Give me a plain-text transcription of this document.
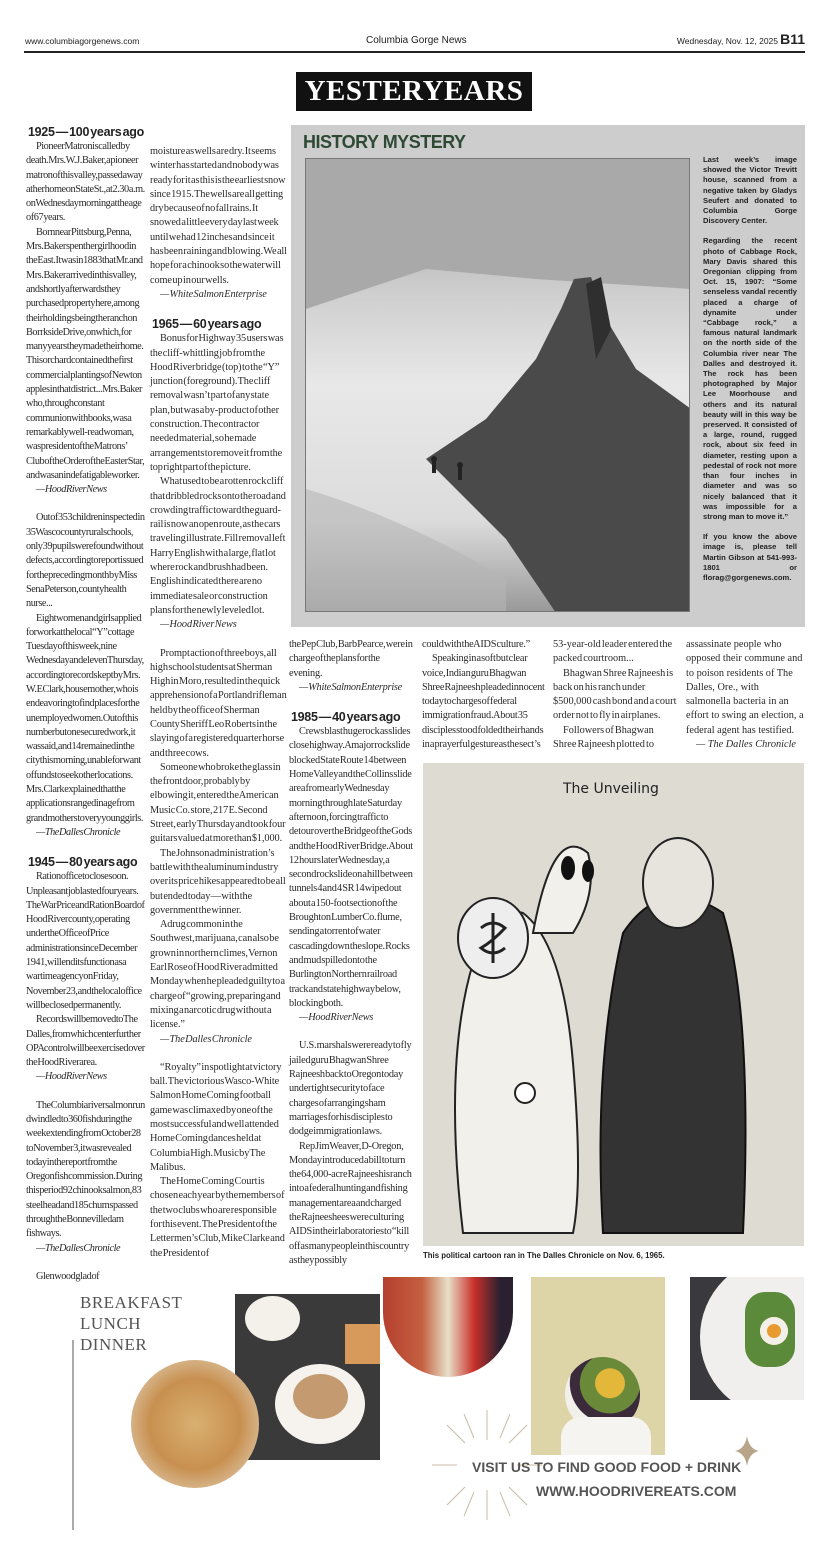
www.columbiagorgenews.com	Columbia Gorge News	Wednesday, Nov. 12, 2025 B11
YESTERYEARS
1925 — 100 years ago

Pioneer Matron is called by death. Mrs. W. J. Baker, a pioneer matron of this valley, passed away at her home on State St., at 2.30 a.m. on Wednesday morning at the age of 67 years.

Born near Pittsburg, Penna, Mrs. Baker spent her girlhood in the East. It was in 1883 that Mr. and Mrs. Baker arrived in this valley, and shortly afterwards they purchased property here, among their holdings being the ranch on Borrkside Drive, on which, for many years they made their home. This orchard contained the first commercial plantings of Newton apples in that district...Mrs. Baker who, through constant communion with books, was a remarkably well-read woman, was president of the Matrons’ Club of the Order of the Easter Star, and was an indefatigable worker.

— Hood River News

Out of 353 children inspected in 35 Wasco county rural schools, only 39 pupils were found without defects, according to report issued for the preceding month b y Miss Sena Peterson, county health nurse...

Eight women and girls applied for work at the local “Y” cottage Tuesday of this week, nine Wednesday and eleven Thursday, according to records kept by Mrs. W. E Clark, house mother, who is endeavoring to find places for the unemployed women. Out of this number but one secured work, it was said, and 14 remained in the city this morning, unable for want of funds to seek other locations. Mrs. Clark explained that the applications ranged in age from grandmothers to very young girls.

— The Dalles Chronicle
1945 — 80 years ago

Ration office to close soon. Unpleasant job lasted four years. The War Price and Ration Board of Hood River county, operating under the Office of Price administration since December 1941, will end its function as a wartime agency on Friday, November 23, and the local office will be closed permanently.

Records will be moved to The Dalles, from which center further OPA control will be exercised over the Hood River area.

— Hood River News

The Columbia river salmon run dwindled to 360 fish during the week extending from October 28 to November 3, it was revealed today in the report from the Oregon fish commission. During this period 92 chinook salmon, 83 steelhead and 185 chums passed through the Bonneville dam fishways.

— The Dalles Chronicle

Glenwood glad of

moisture as wells are dry. It seems winter has started and nobody was ready for it as this is the earliest snow since 1915. The wells are all getting dry because of no fall rains. It snowed a little every day last week until we had 12 inches and since it has been raining and blowing. We all hope for a chinook so the water will come up in our wells.

— White Salmon Enterprise
1965 — 60 years ago

Bonus for Highway 35 users was the cliff-whittling job from the Hood River bridge (top) to the “Y” junction (foreground). The cliff removal wasn’t part of any state plan, but was a by-product of other construction. The contractor needed material, so he made arrangements to remove it from the top right part of the picture.

What used to be a rotten rock cliff that dribbled rocks onto the road and crowding traffic toward the guard-rail is now an open route, as the cars traveling illustrate. Fill removal left Harry English with a large, flat lot where rock and brush had been. English indicated there are no immediate sale or construction plans for the newly leveled lot.

— Hood River News

Prompt action of three boys, all high school students at Sherman High in Moro, resulted in the quick apprehension of a Portland rifleman held by the office of Sherman County Sheriff Leo Roberts in the slaying of a registered quarter horse and three cows.

Someone who broke the glass in the front door, probably by elbowing it, entered the American Music Co. store, 217 E. Second Street, early Thursday and took four guitars valued at more than $1,000.

The Johnson administration’s battle with the aluminum industry over its price hikes appeared to be all but ended today — with the government the winner.

A drug common in the Southwest, marijuana, can also be grown in northern climes, Vernon Earl Rose of Hood River admitted Monday when he pleaded guilty to a charge of “growing, preparing and mixing a narcotic drug without a license.”

— The Dalles Chronicle

“Royalty” in spotlight at victory ball. The victorious Wasco-White Salmon Home Coming football game was climaxed by one of the most successful and well attended Home Coming dances held at Columbia High. Music by The Malibus.

The Home Coming Court is chosen each year by the members of the two clubs who are responsible for this event. The President of the Lettermen’s Club, Mike Clarke and the President of

the Pep Club, Barb Pearce, were in charge of the plans for the evening.

— White Salmon Enterprise
1985 — 40 years ago

Crews blast huge rock as slides close highway. A major rockslide blocked State Route 14 between Home Valley and the Collins slide area from early Wednesday morning through late Saturday afternoon, forcing traffic to detour over the Bridge of the Gods and the Hood River Bridge. About 12 hours later Wednesday, a second rockslide on a hill between tunnels 4 and 4 SR 14 wiped out about a 150-foot section of the Broughton Lumber Co. flume, sending a torrent of water cascading down the slope. Rocks and mud spilled onto the Burlington Northern railroad track and state highway below, blocking both.

— Hood River News

U.S. marshals were ready to fly jailed guru Bhagwan Shree Rajneesh back to Oregon today under tight security to face charges of arranging sham marriages for his disciples to dodge immigration laws.

Rep Jim Weaver, D-Oregon, Monday introduced a bill to turn the 64,000-acre Rajneeshis ranch into a federal hunting and fishing management area and charged the Rajneeshees were culturing AIDS in their laboratories to “kill off as many people in this country as they possibly

could with the AIDS culture.”

Speaking in a soft but clear voice, Indian guru Bhagwan Shree Rajneesh pleaded innocent today to charges of federal immigration fraud. About 35 disciples stood folded their hands in a prayerful gesture as the sect’s

53-year-old leader entered the packed courtroom...

Bhagwan Shree Rajneesh is back on his ranch under $500,000 cash bond and a court order not to fly in airplanes.

Followers of Bhagwan Shree Rajneesh plotted to

assassinate people who opposed their commune and to poison residents of The Dalles, Ore., with salmonella bacteria in an effort to swing an election, a federal agent has testified.

— The Dalles Chronicle
HISTORY MYSTERY

Last week’s image showed the Victor Trevitt house, scanned from a negative taken by Gladys Seufert and donated to Columbia Gorge Discovery Center.

Regarding the recent photo of Cabbage Rock, Mary Davis shared this Oregonian clipping from Oct. 15, 1907: “Some senseless vandal recently placed a charge of dynamite under “Cabbage rock,” a famous natural landmark on the north side of the Columbia river near The Dalles and destroyed it. The rock has been photographed by Major Lee Moorhouse and others and its natural beauty will in this way be preserved. It consisted of a large, round, rugged rock, about six feed in diameter, resting upon a pedestal of rock not more than four inches in diameter and was so nicely balanced that it was impossible for a strong man to move it.”

If you know the above image is, please tell Martin Gibson at 541-993-1801 or florag@gorgenews.com.

The Unveiling
This political cartoon ran in The Dalles Chronicle on Nov. 6, 1965.
BREAKFAST
LUNCH
DINNER
VISIT US TO FIND GOOD FOOD + DRINK
WWW.HOODRIVEREATS.COM
